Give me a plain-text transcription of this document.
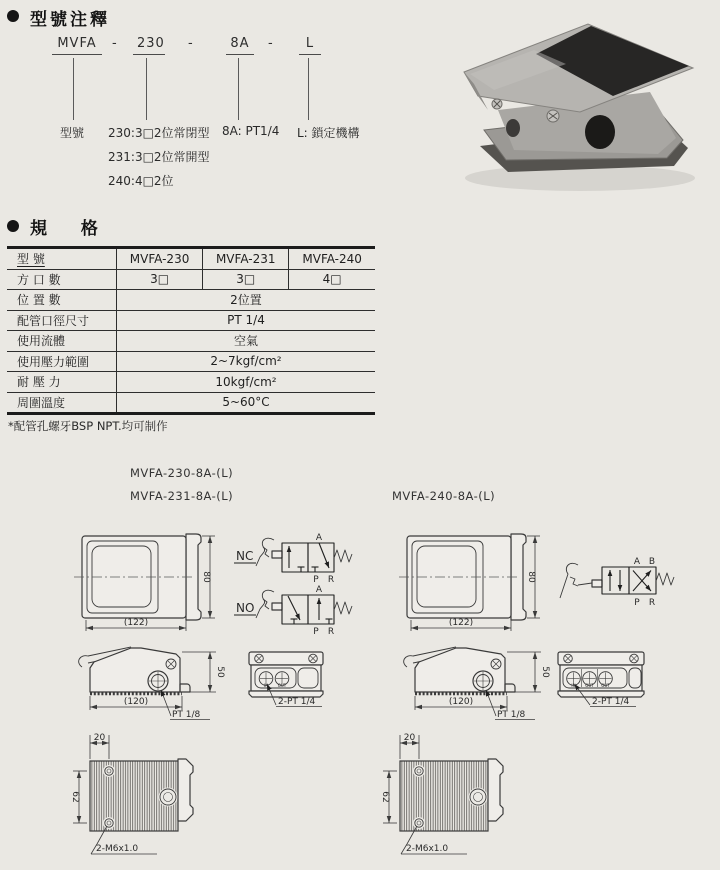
型號注釋
MVFA	-	230 -	8A	-	L
型號 230:3□2位常閉型
231:3□2位常開型
240:4□2位
8A: PT1/4 L: 鎖定機構
規 格
型 號	MVFA-230	MVFA-231	MVFA-240
方 口 數	3□	3□	4□
位 置 數	2位置		
配管口徑尺寸	PT 1/4		
使用流體	空氣		
使用壓力範圍	2~7kgf/cm²		
耐 壓 力	10kgf/cm²		
周圍溫度	5~60°C		
*配管孔螺牙BSP NPT.均可制作
MVFA-230-8A-(L)
MVFA-231-8A-(L)	MVFA-240-8A-(L)
80
(122)
NC
A
P R
NO
A
P R
80
(122)
A B
P R
50
(120)
PT 1/8
IN OUT
2-PT 1/4
50
(120)
PT 1/8
IN OUT OUT
2-PT 1/4
20
62
2-M6x1.0
20
62
2-M6x1.0
